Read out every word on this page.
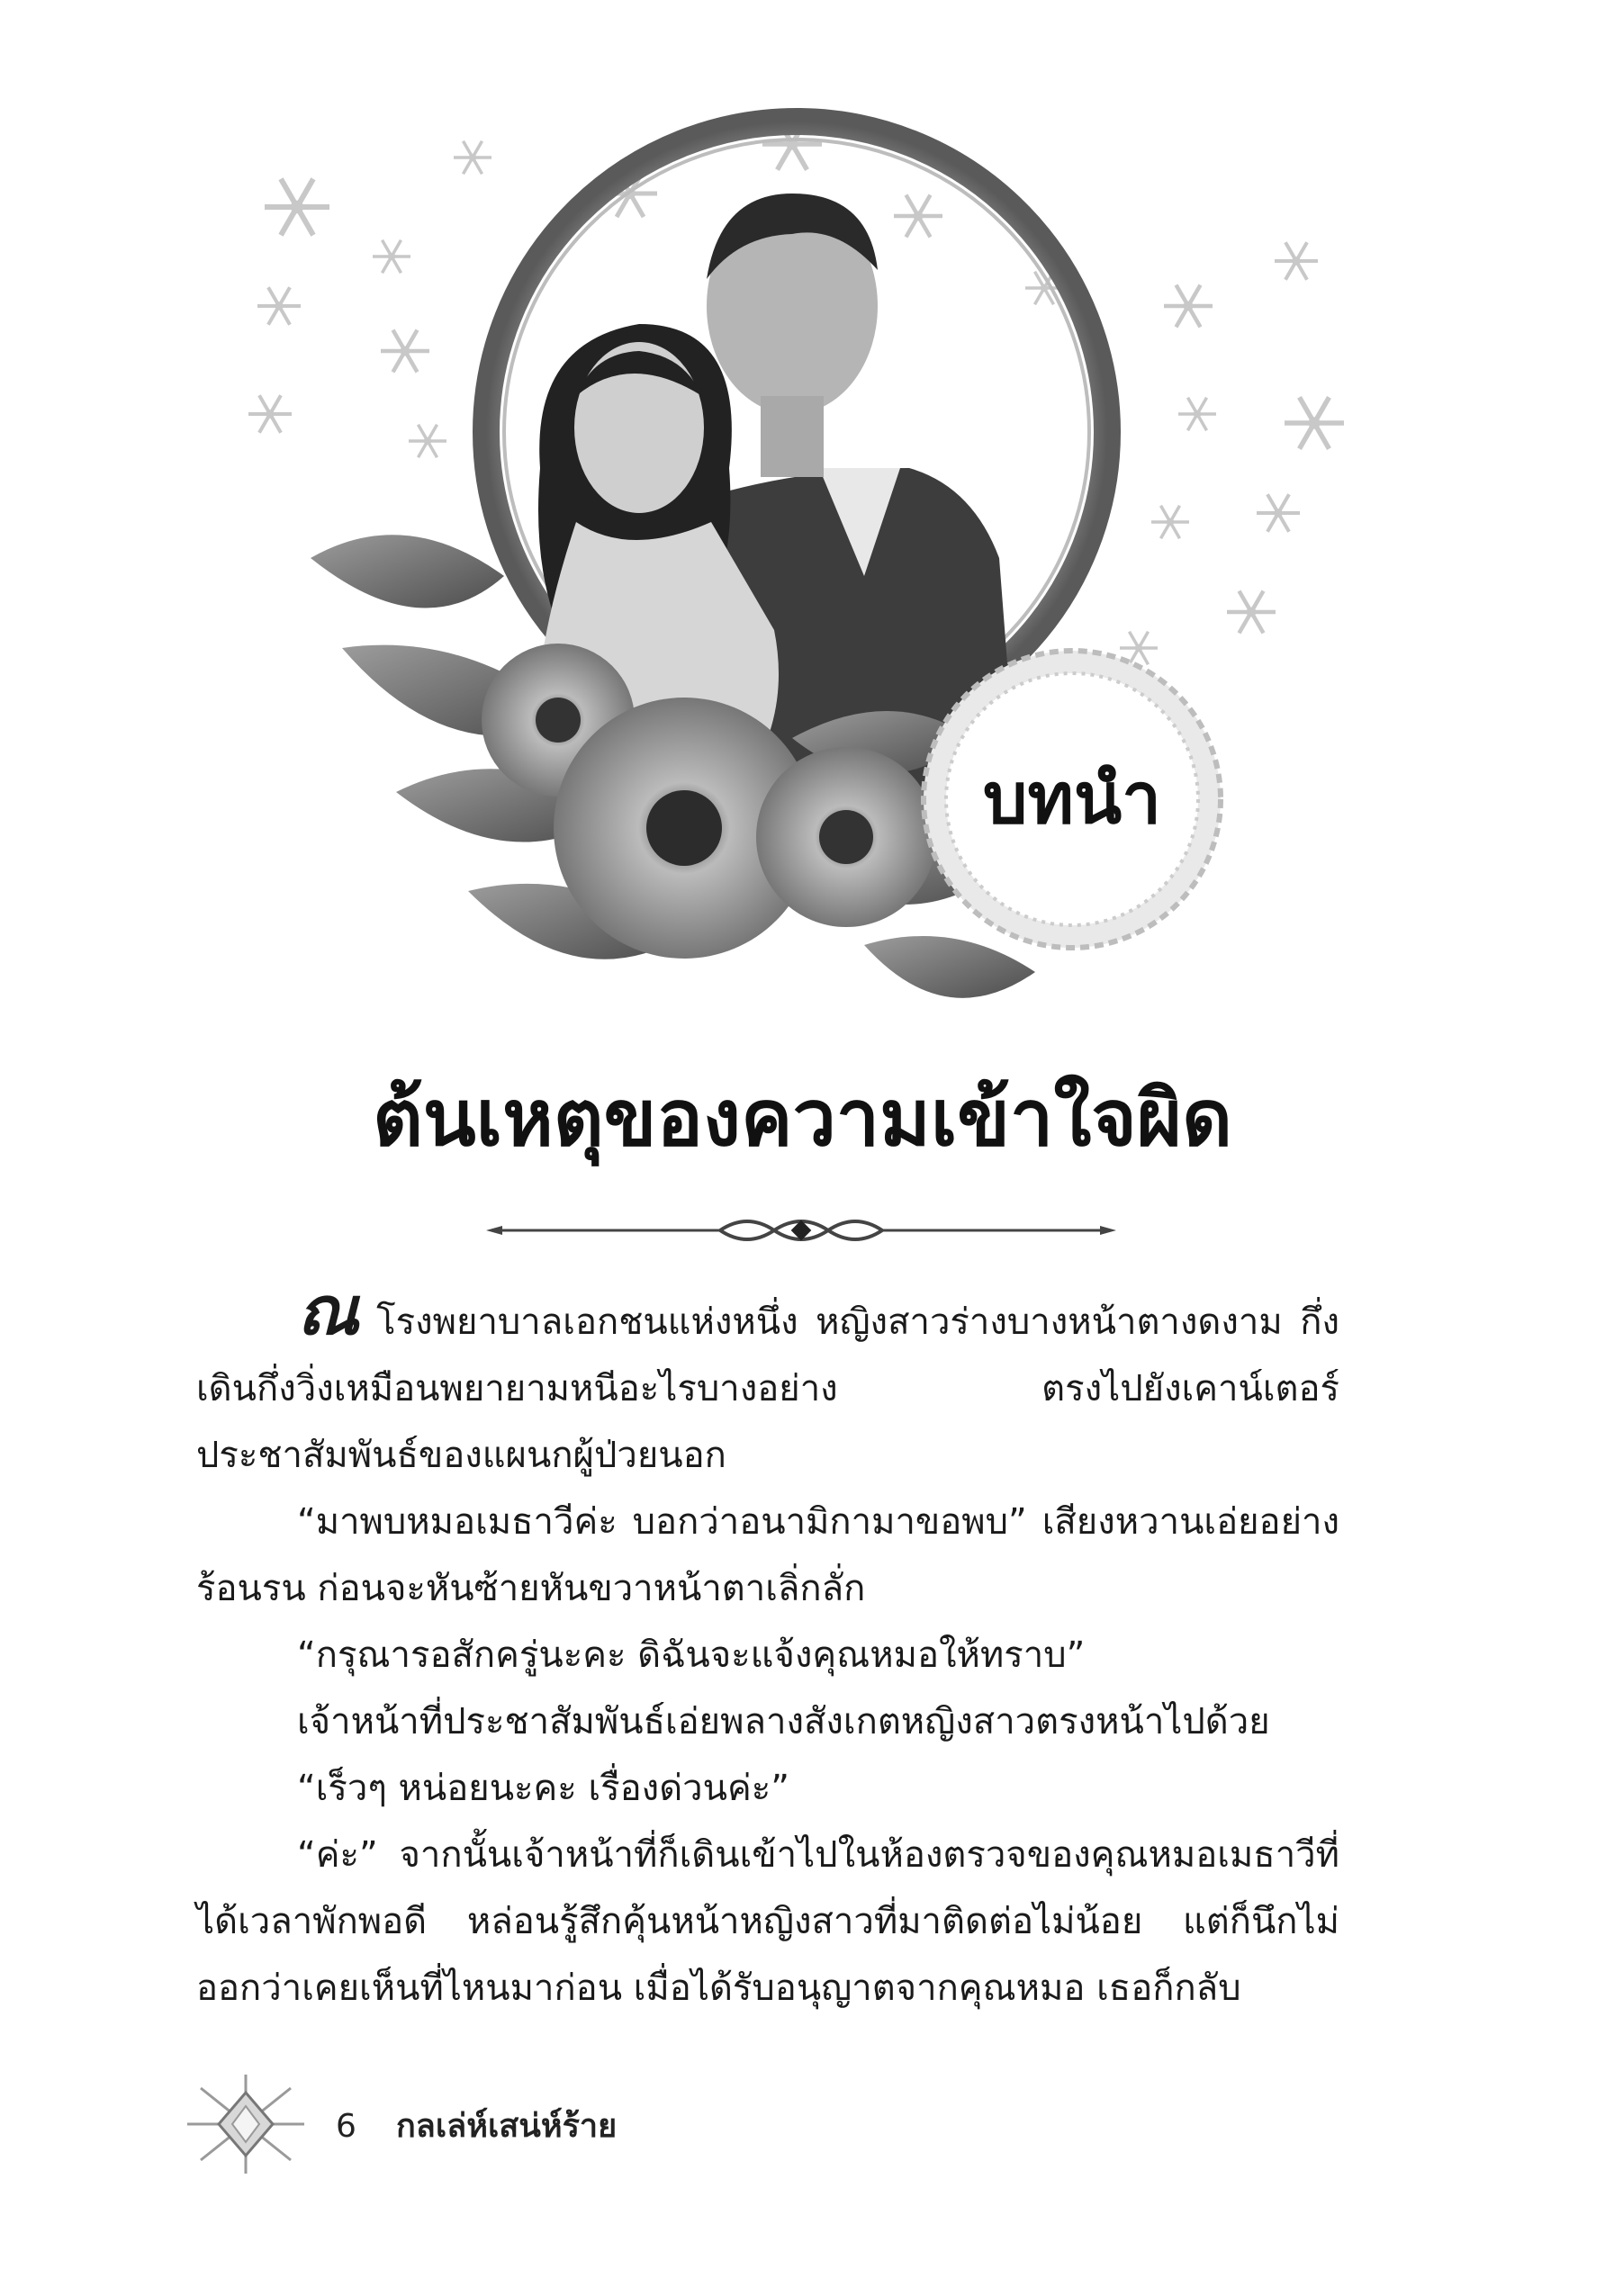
บทนำ
ต้นเหตุของความเข้าใจผิด

ณ โรงพยาบาลเอกชนแห่งหนึ่ง หญิงสาวร่างบางหน้าตางดงาม กึ่งเดินกึ่งวิ่งเหมือนพยายามหนีอะไรบางอย่าง ตรงไปยังเคาน์เตอร์ประชาสัมพันธ์ของแผนกผู้ป่วยนอก

“มาพบหมอเมธาวีค่ะ บอกว่าอนามิกามาขอพบ” เสียงหวานเอ่ยอย่างร้อนรน ก่อนจะหันซ้ายหันขวาหน้าตาเลิ่กลั่ก

“กรุณารอสักครู่นะคะ ดิฉันจะแจ้งคุณหมอให้ทราบ”

เจ้าหน้าที่ประชาสัมพันธ์เอ่ยพลางสังเกตหญิงสาวตรงหน้าไปด้วย

“เร็วๆ หน่อยนะคะ เรื่องด่วนค่ะ”

“ค่ะ” จากนั้นเจ้าหน้าที่ก็เดินเข้าไปในห้องตรวจของคุณหมอเมธาวีที่ได้เวลาพักพอดี หล่อนรู้สึกคุ้นหน้าหญิงสาวที่มาติดต่อไม่น้อย แต่ก็นึกไม่ออกว่าเคยเห็นที่ไหนมาก่อน เมื่อได้รับอนุญาตจากคุณหมอ เธอก็กลับ

6 กลเล่ห์เสน่ห์ร้าย
